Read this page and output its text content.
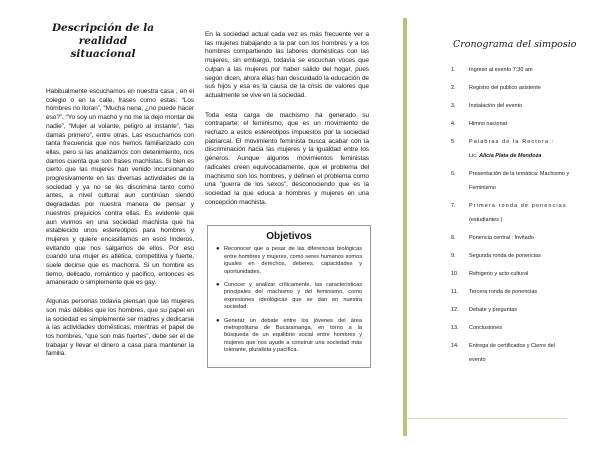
Descripción de la realidad situacional

Habitualmente escuchamos en nuestra casa , en el colegio o en la calle, frases como estas: “Los hombres no lloran”, “Mucha nena, ¿no puede hacer eso?”, “Yo soy un macho y no me la dejo montar de nadie”, “Mujer al volante, peligro al instante”, “las damas primero”, entre otras. Las escuchamos con tanta frecuencia que nos hemos familiarizado con ellas, pero si las analizamos con detenimiento, nos damos cuenta que son frases machistas. Si bien es cierto que las mujeres han venido incursionando progresivamente en las diversas actividades de la sociedad y ya no se les discrimina tanto como antes, a nivel cultural aun continúan siendo degradadas por nuestra manera de pensar y nuestros prejuicios contra ellas. Es evidente que aun vivimos en una sociedad machista que ha establecido unos estereotipos para hombres y mujeres y quiere encasillarnos en esos linderos, evitando que nos salgamos de ellos. Por eso cuando una mujer es atlética, competitiva y fuerte, suele decirse que es machorra. Si un hombre es tierno, delicado, romántico y pacífico, entonces es amanerado o simplemente que es gay.

Algunas personas todavía piensan que las mujeres son más débiles que los hombres, que su papel en la sociedad es simplemente ser madres y dedicarse a las actividades domésticas, mientras el papel de los hombres, “que son más fuertes”, debe ser el de trabajar y llevar el dinero a casa para mantener la familia.

En la sociedad actual cada vez es más frecuente ver a las mujeres trabajando a la par con los hombres y a los hombres compartiendo las labores domésticas con las mujeres, sin embargo, todavía se escuchan voces que culpan a las mujeres por haber salido del hogar, pues según dicen, ahora ellas han descuidado la educación de sus hijos y esa es la causa de la crisis de valores que actualmente se vive en la sociedad.

Toda esta carga de machismo ha generado su contraparte: el feminismo, que es un movimiento de rechazo a estos estereotipos impuestos por la sociedad patriarcal. El movimiento feminista busca acabar con la discriminación hacia las mujeres y la igualdad entre los géneros. Aunque algunos movimientos feministas radicales creen equivocadamente, que el problema del machismo son los hombres, y definen el problema como una “guerra de los sexos”, desconociendo que es la sociedad la que educa a hombres y mujeres en una concepción machista.

Objetivos
● Reconocer que a pesar de las diferencias biológicas entre hombres y mujeres, como seres humanos somos iguales en derechos, deberes, capacidades y oportunidades.
● Conocer y analizar críticamente, las características principales del machismo y del feminismo, como expresiones ideológicas que se dan en nuestra sociedad.
● Generar un debate entre los jóvenes del área metropolitana de Bucaramanga, en torno a la búsqueda de un equilibrio social entre hombres y mujeres que nos ayude a construir una sociedad más tolerante, pluralista y pacífica.
Cronograma del simposio
1.	Ingreso al evento 7:30 am
2.	Registro del publico asistente
3.	Instalación del evento
4.	Himno nacional
5.	Palabras de la Rectora :

Lic. Alicia Plata de Mendoza
6.	Presentación de la temática: Machismo y

Feminismo
7.	Primera ronda de ponencias

(estudiantes )
8.	Ponencia central : Invitado
9.	Segunda ronda de ponencias
10.	Refrigerio y acto cultural
11.	Tercera ronda de ponencias
12.	Debate y preguntas
13.	Conclusiones
14.	Entrega de certificados y Cierre del

evento
